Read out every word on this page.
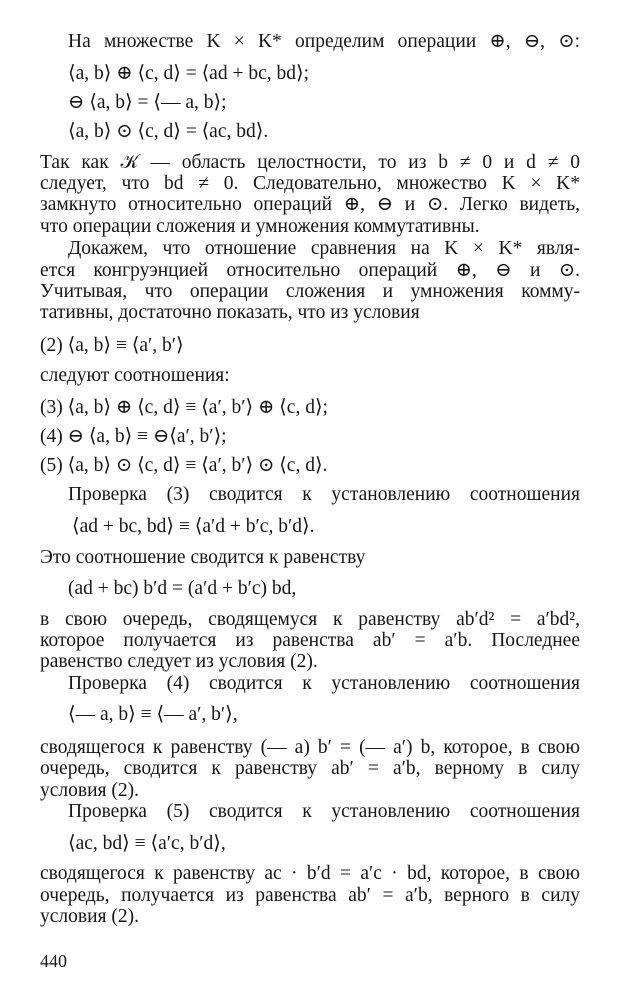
На множестве K × K* определим операции ⊕, ⊖, ⊙:
⟨a, b⟩ ⊕ ⟨c, d⟩ = ⟨ad + bc, bd⟩;
⊖ ⟨a, b⟩ = ⟨— a, b⟩;
⟨a, b⟩ ⊙ ⟨c, d⟩ = ⟨ac, bd⟩.
Так как 𝒦 — область целостности, то из b ≠ 0 и d ≠ 0
следует, что bd ≠ 0. Следовательно, множество K × K*
замкнуто относительно операций ⊕, ⊖ и ⊙. Легко видеть,
что операции сложения и умножения коммутативны.
Докажем, что отношение сравнения на K × K* явля-
ется конгруэнцией относительно операций ⊕, ⊖ и ⊙.
Учитывая, что операции сложения и умножения комму-
тативны, достаточно показать, что из условия
(2) ⟨a, b⟩ ≡ ⟨a′, b′⟩
следуют соотношения:
(3) ⟨a, b⟩ ⊕ ⟨c, d⟩ ≡ ⟨a′, b′⟩ ⊕ ⟨c, d⟩;
(4) ⊖ ⟨a, b⟩ ≡ ⊖⟨a′, b′⟩;
(5) ⟨a, b⟩ ⊙ ⟨c, d⟩ ≡ ⟨a′, b′⟩ ⊙ ⟨c, d⟩.
Проверка (3) сводится к установлению соотношения
⟨ad + bc, bd⟩ ≡ ⟨a′d + b′c, b′d⟩.
Это соотношение сводится к равенству
(ad + bc) b′d = (a′d + b′c) bd,
в свою очередь, сводящемуся к равенству ab′d² = a′bd²,
которое получается из равенства ab′ = a′b. Последнее
равенство следует из условия (2).
Проверка (4) сводится к установлению соотношения
⟨— a, b⟩ ≡ ⟨— a′, b′⟩,
сводящегося к равенству (— a) b′ = (— a′) b, которое, в свою
очередь, сводится к равенству ab′ = a′b, верному в силу
условия (2).
Проверка (5) сводится к установлению соотношения
⟨ac, bd⟩ ≡ ⟨a′c, b′d⟩,
сводящегося к равенству ac · b′d = a′c · bd, которое, в свою
очередь, получается из равенства ab′ = a′b, верного в силу
условия (2).
440
